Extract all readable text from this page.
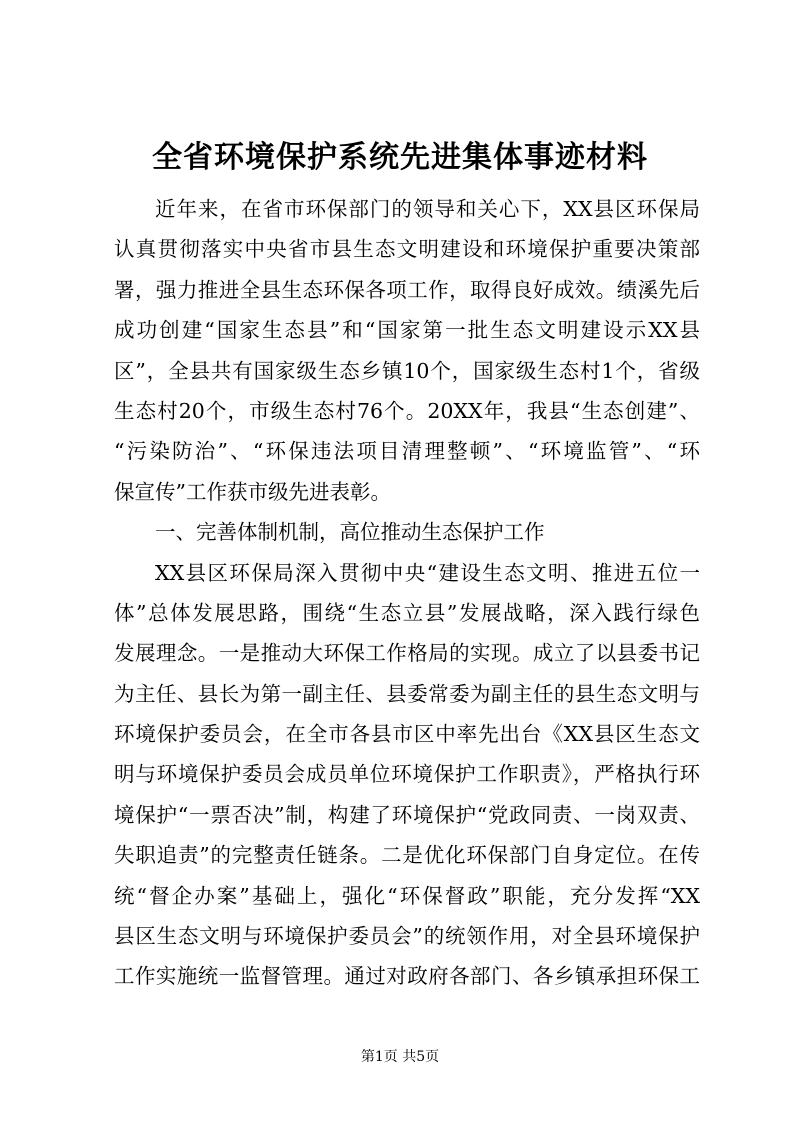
全省环境保护系统先进集体事迹材料
近年来，在省市环保部门的领导和关心下，XX县区环保局
认真贯彻落实中央省市县生态文明建设和环境保护重要决策部
署，强力推进全县生态环保各项工作，取得良好成效。绩溪先后
成功创建“国家生态县”和“国家第一批生态文明建设示XX县
区”，全县共有国家级生态乡镇10个，国家级生态村1个，省级
生态村20个，市级生态村76个。20XX年，我县“生态创建”、
“污染防治”、“环保违法项目清理整顿”、“环境监管”、“环
保宣传”工作获市级先进表彰。
一、完善体制机制，高位推动生态保护工作
XX县区环保局深入贯彻中央“建设生态文明、推进五位一
体”总体发展思路，围绕“生态立县”发展战略，深入践行绿色
发展理念。一是推动大环保工作格局的实现。成立了以县委书记
为主任、县长为第一副主任、县委常委为副主任的县生态文明与
环境保护委员会，在全市各县市区中率先出台《XX县区生态文
明与环境保护委员会成员单位环境保护工作职责》，严格执行环
境保护“一票否决”制，构建了环境保护“党政同责、一岗双责、
失职追责”的完整责任链条。二是优化环保部门自身定位。在传
统“督企办案”基础上，强化“环保督政”职能，充分发挥“XX
县区生态文明与环境保护委员会”的统领作用，对全县环境保护
工作实施统一监督管理。通过对政府各部门、各乡镇承担环保工
第1页 共5页
